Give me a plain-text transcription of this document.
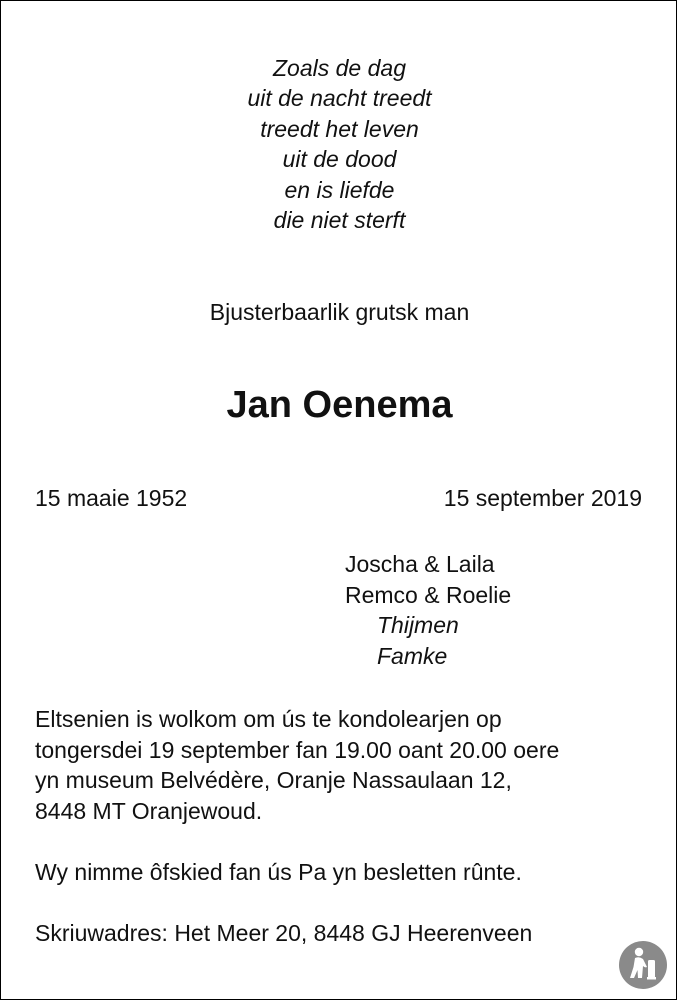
Zoals de dag
uit de nacht treedt
treedt het leven
uit de dood
en is liefde
die niet sterft
Bjusterbaarlik grutsk man
Jan Oenema
15 maaie 1952	15 september 2019
Joscha & Laila
Remco & Roelie
Thijmen
Famke
Eltsenien is wolkom om ús te kondolearjen op
tongersdei 19 september fan 19.00 oant 20.00 oere
yn museum Belvédère, Oranje Nassaulaan 12,
8448 MT Oranjewoud.
Wy nimme ôfskied fan ús Pa yn besletten rûnte.
Skriuwadres: Het Meer 20, 8448 GJ Heerenveen
